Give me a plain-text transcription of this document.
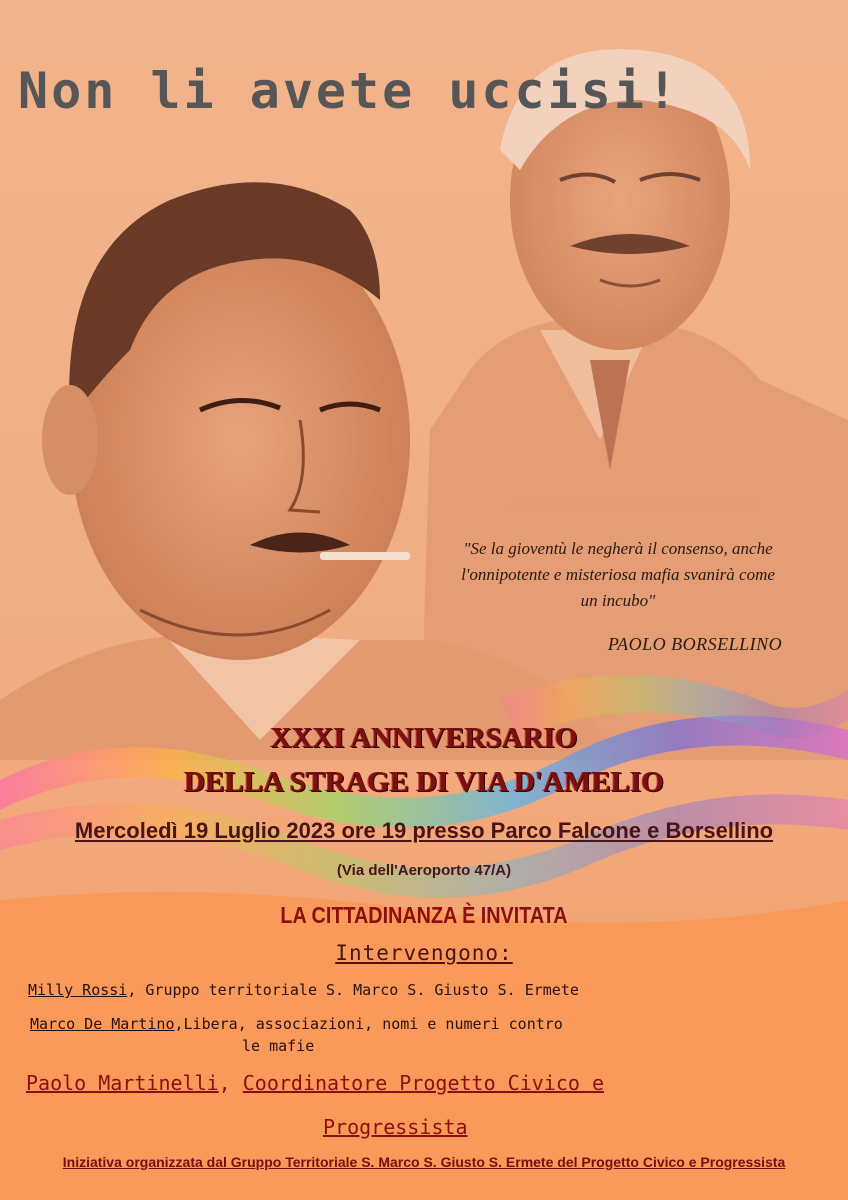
Non li avete uccisi!
"Se la gioventù le negherà il consenso, anche
l'onnipotente e misteriosa mafia svanirà come
un incubo"
PAOLO BORSELLINO
XXXI ANNIVERSARIO
DELLA STRAGE DI VIA D'AMELIO
Mercoledì 19 Luglio 2023 ore 19 presso Parco Falcone e Borsellino
(Via dell'Aeroporto 47/A)
LA CITTADINANZA È INVITATA
Intervengono:
Milly Rossi, Gruppo territoriale S. Marco S. Giusto S. Ermete
Marco De Martino,Libera, associazioni, nomi e numeri contro
le mafie
Paolo Martinelli, Coordinatore Progetto Civico e
Progressista
Iniziativa organizzata dal Gruppo Territoriale S. Marco S. Giusto S. Ermete del Progetto Civico e Progressista
